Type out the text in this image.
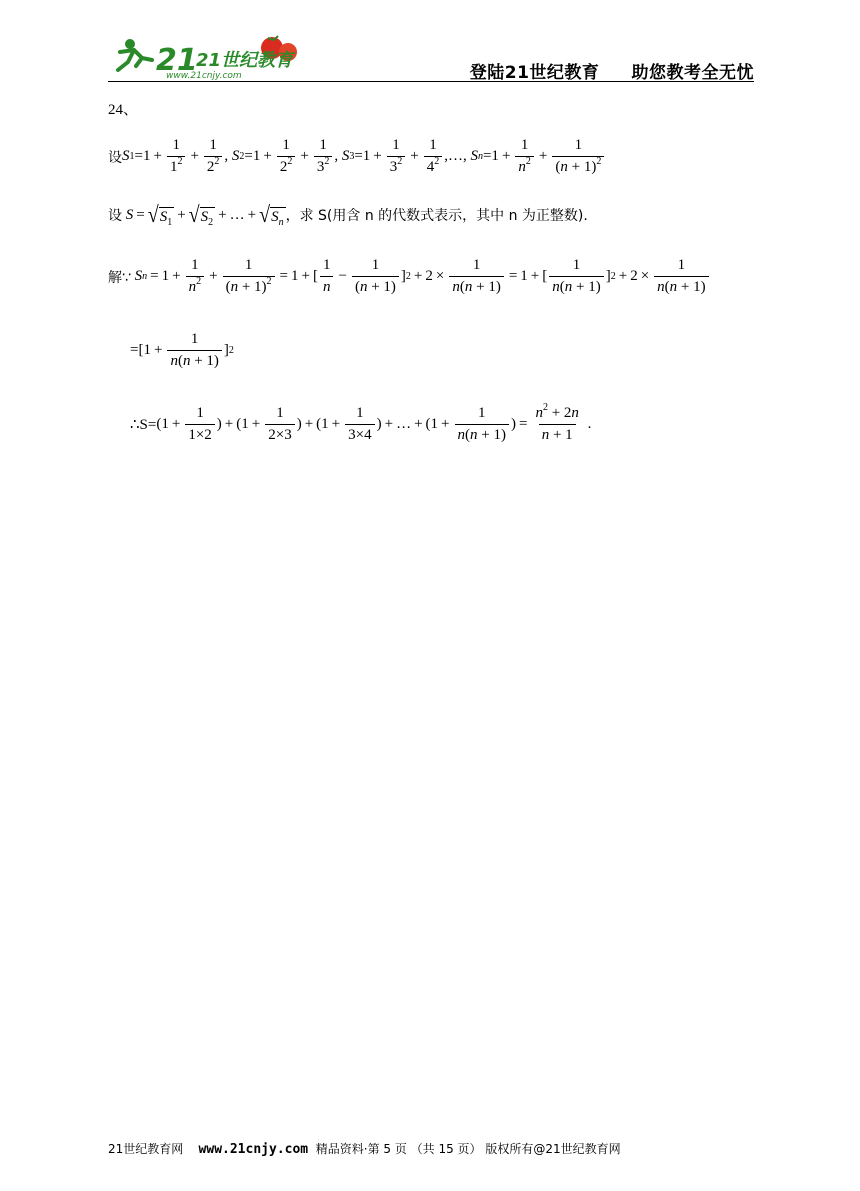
21
21世纪教育
www.21cnjy.com	登陆21世纪教育     助您教考全无忧
24、
设 S $1 =1 + \frac{1}{1^2} + \frac{1}{2^2}$ , S $2 =1 + \frac{1}{2^2} + \frac{1}{3^2}$ , S $3 =1 + \frac{1}{3^2} + \frac{1}{4^2}$ ,…,
S $n =1 + \frac{1}{n^2} + \frac{1}{(n + 1)^2}$
设 S = √ $S_1$ + √ $S_2$ + … + √ $S_n$ ，求 S(用含 n 的代数式表示，其中 n 为正整数).
解∵
S $n = 1 + \frac{1}{n^2} + \frac{1}{(n + 1)^2} = 1$ + [ $\frac{1}{n} - \frac{1}{(n + 1)}$ ] $2 + 2 \times \frac{1}{n(n + 1)} = 1$ + [ $\frac{1}{n(n + 1)}$ ] $2 + 2 \times \frac{1}{n(n + 1)}$
$=[1 + \frac{1}{n(n + 1)}$ ] 2
∴S= ($1 + \frac{1}{1\times 2}$ ) + ($1 + \frac{1}{2\times 3}$ ) + ($1 + \frac{1}{3\times 4}$ ) + … + ($1 + \frac{1}{n(n + 1)}$ ) = $\frac{n^2 + 2n}{n + 1}$ .
21世纪教育网 www.21cnjy.com 精品资料·第 5 页 （共 15 页） 版权所有@21世纪教育网
